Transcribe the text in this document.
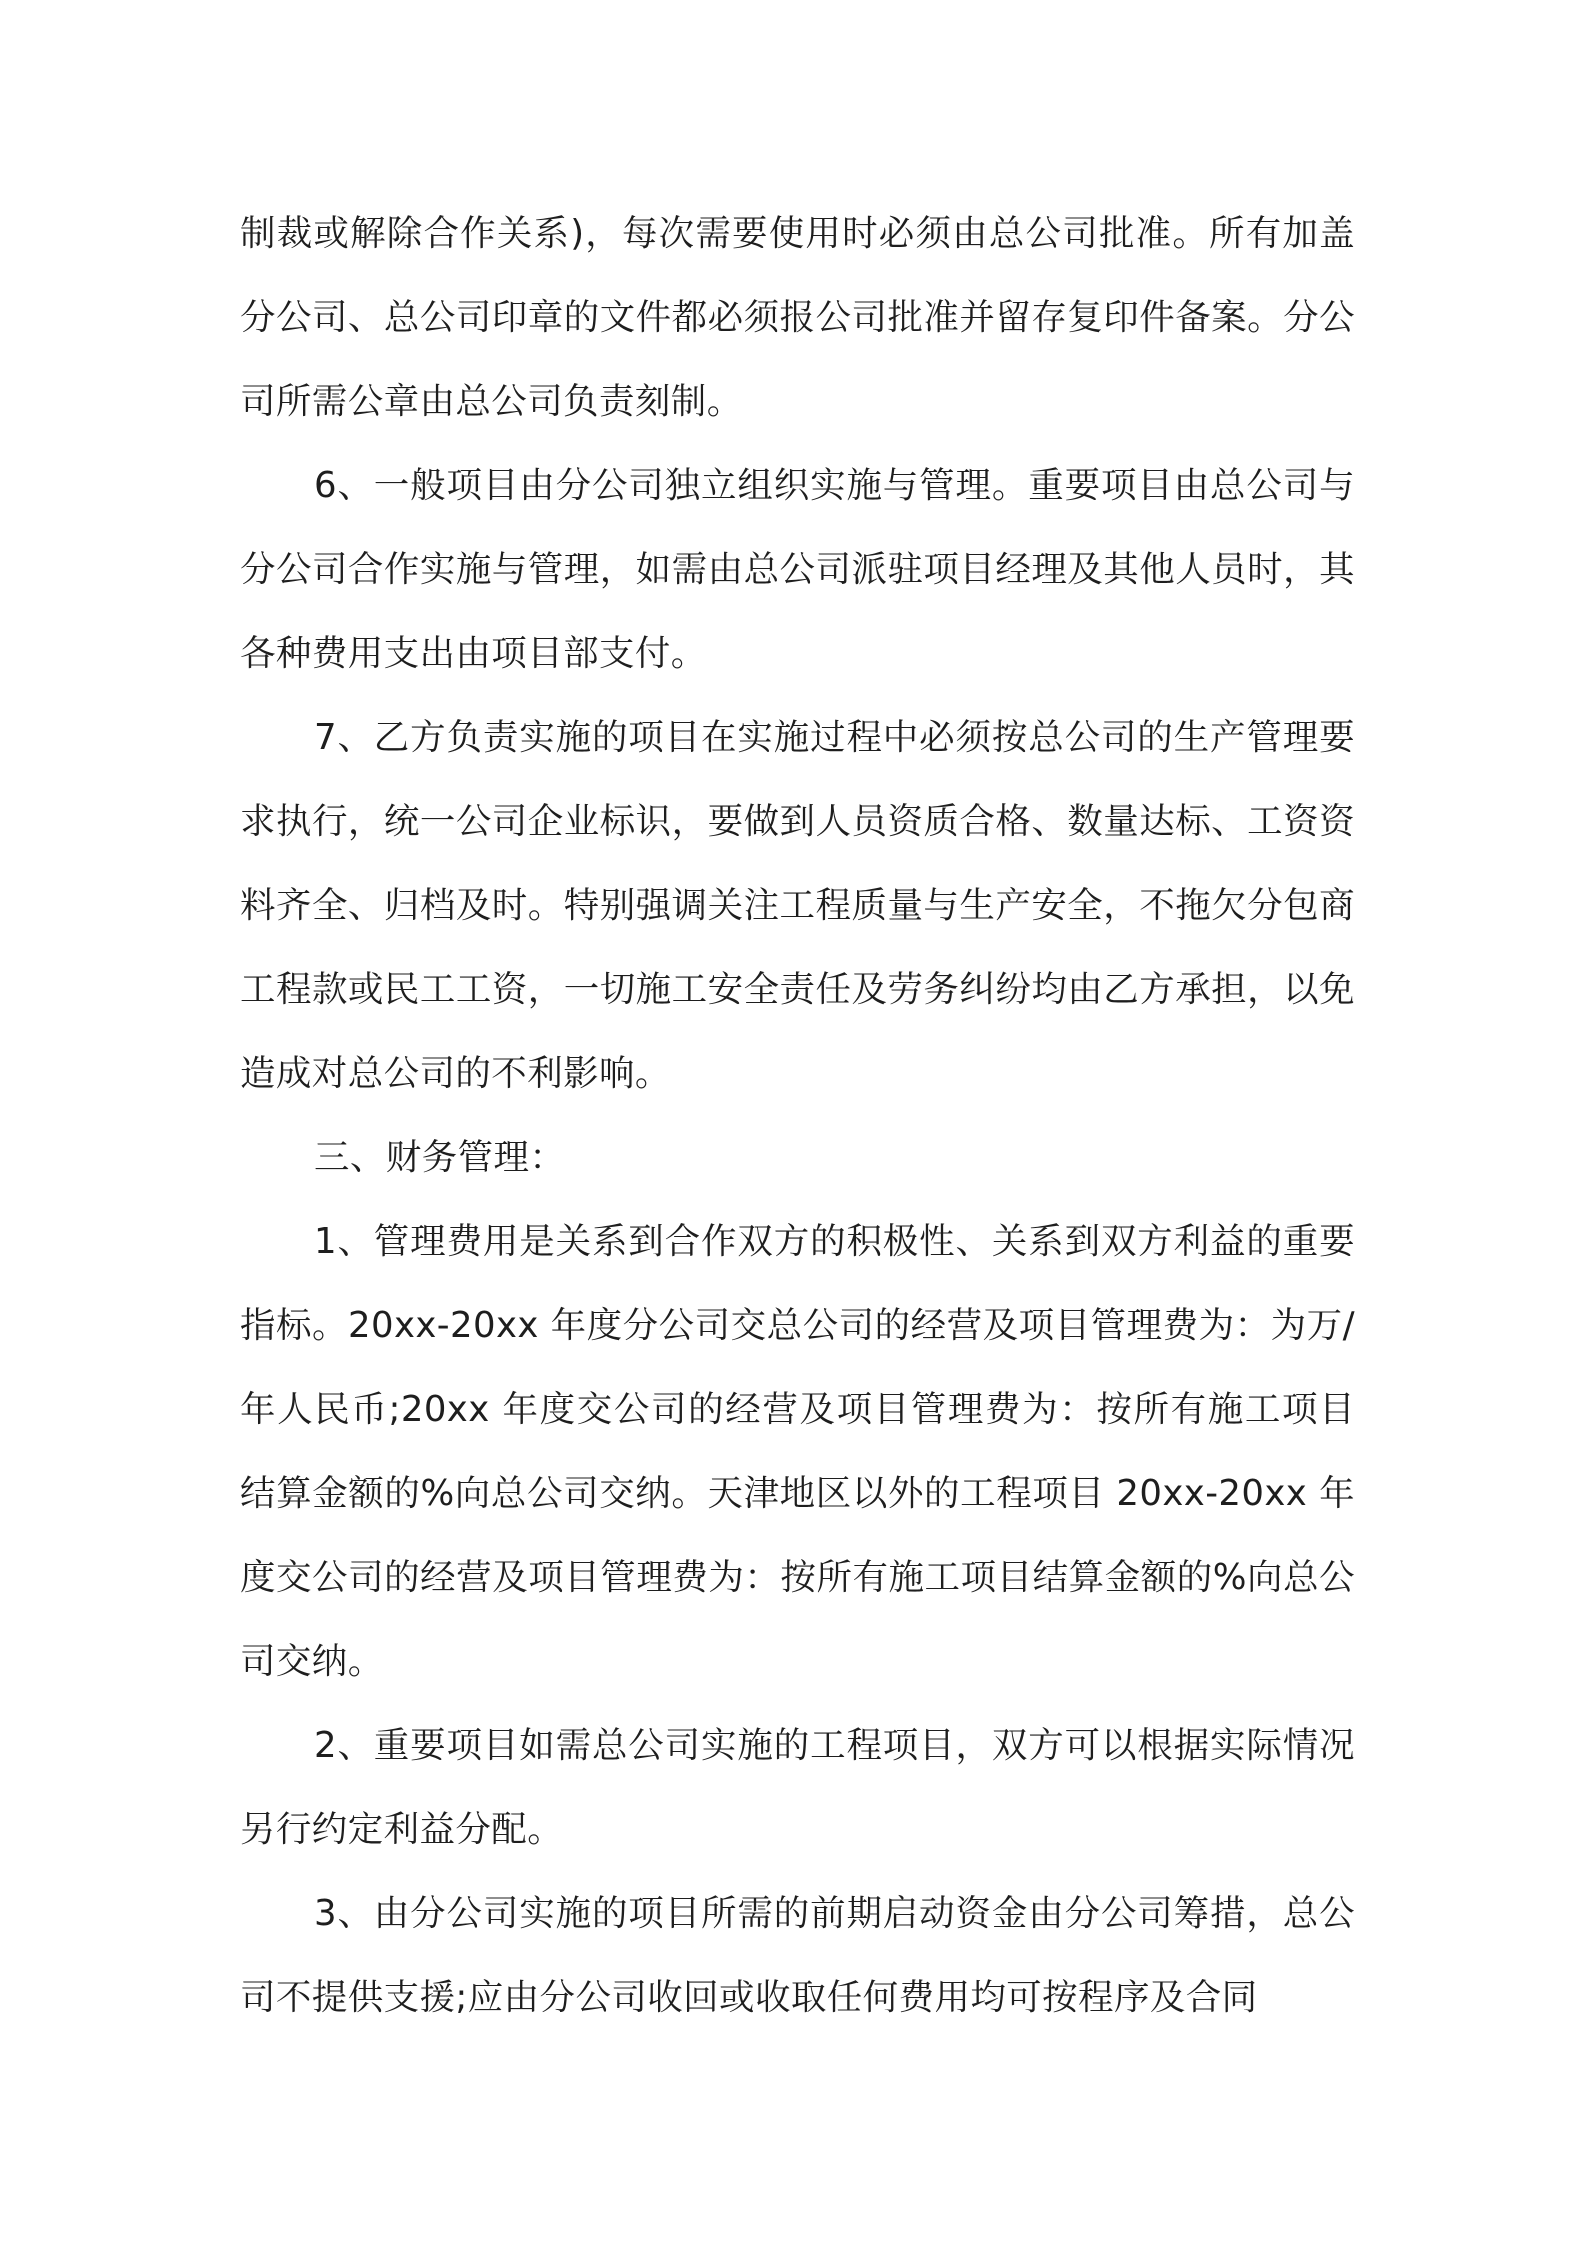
制裁或解除合作关系)，每次需要使用时必须由总公司批准。所有加盖分公司、总公司印章的文件都必须报公司批准并留存复印件备案。分公司所需公章由总公司负责刻制。

6、一般项目由分公司独立组织实施与管理。重要项目由总公司与分公司合作实施与管理，如需由总公司派驻项目经理及其他人员时，其各种费用支出由项目部支付。

7、乙方负责实施的项目在实施过程中必须按总公司的生产管理要求执行，统一公司企业标识，要做到人员资质合格、数量达标、工资资料齐全、归档及时。特别强调关注工程质量与生产安全，不拖欠分包商工程款或民工工资，一切施工安全责任及劳务纠纷均由乙方承担，以免造成对总公司的不利影响。

三、财务管理：

1、管理费用是关系到合作双方的积极性、关系到双方利益的重要指标。20xx-20xx 年度分公司交总公司的经营及项目管理费为：为万/年人民币;20xx 年度交公司的经营及项目管理费为：按所有施工项目结算金额的%向总公司交纳。天津地区以外的工程项目 20xx-20xx 年度交公司的经营及项目管理费为：按所有施工项目结算金额的%向总公司交纳。

2、重要项目如需总公司实施的工程项目，双方可以根据实际情况另行约定利益分配。

3、由分公司实施的项目所需的前期启动资金由分公司筹措，总公司不提供支援;应由分公司收回或收取任何费用均可按程序及合同
